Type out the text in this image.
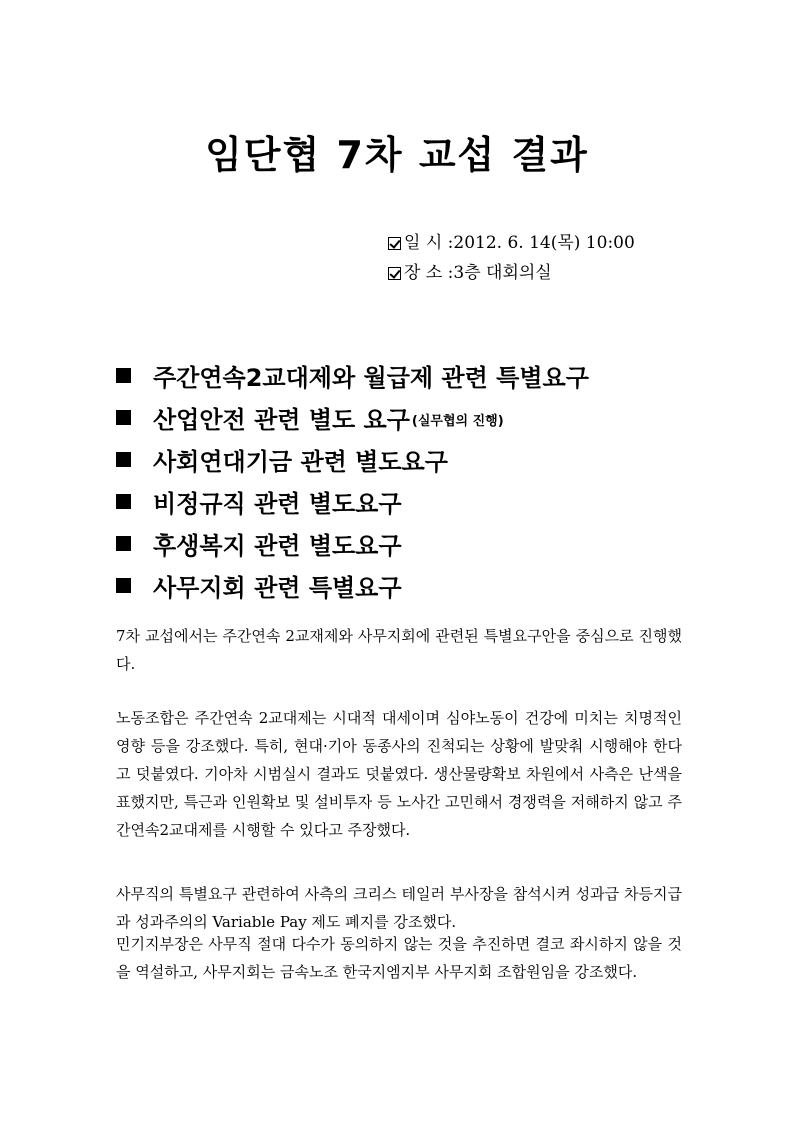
임단협 7차 교섭 결과
일 시 : 2012. 6. 14(목) 10:00
장 소 : 3층 대회의실
주간연속2교대제와 월급제 관련 특별요구
산업안전 관련 별도 요구 (실무협의 진행)
사회연대기금 관련 별도요구
비정규직 관련 별도요구
후생복지 관련 별도요구
사무지회 관련 특별요구

7차 교섭에서는 주간연속 2교재제와 사무지회에 관련된 특별요구안을 중심으로 진행했다.

노동조합은 주간연속 2교대제는 시대적 대세이며 심야노동이 건강에 미치는 치명적인 영향 등을 강조했다. 특히, 현대·기아 동종사의 진척되는 상황에 발맞춰 시행해야 한다고 덧붙였다. 기아차 시범실시 결과도 덧붙였다. 생산물량확보 차원에서 사측은 난색을 표했지만, 특근과 인원확보 및 설비투자 등 노사간 고민해서 경쟁력을 저해하지 않고 주간연속2교대제를 시행할 수 있다고 주장했다.

사무직의 특별요구 관련하여 사측의 크리스 테일러 부사장을 참석시켜 성과급 차등지급과 성과주의의 Variable Pay 제도 폐지를 강조했다.

민기지부장은 사무직 절대 다수가 동의하지 않는 것을 추진하면 결코 좌시하지 않을 것을 역설하고, 사무지회는 금속노조 한국지엠지부 사무지회 조합원임을 강조했다.
